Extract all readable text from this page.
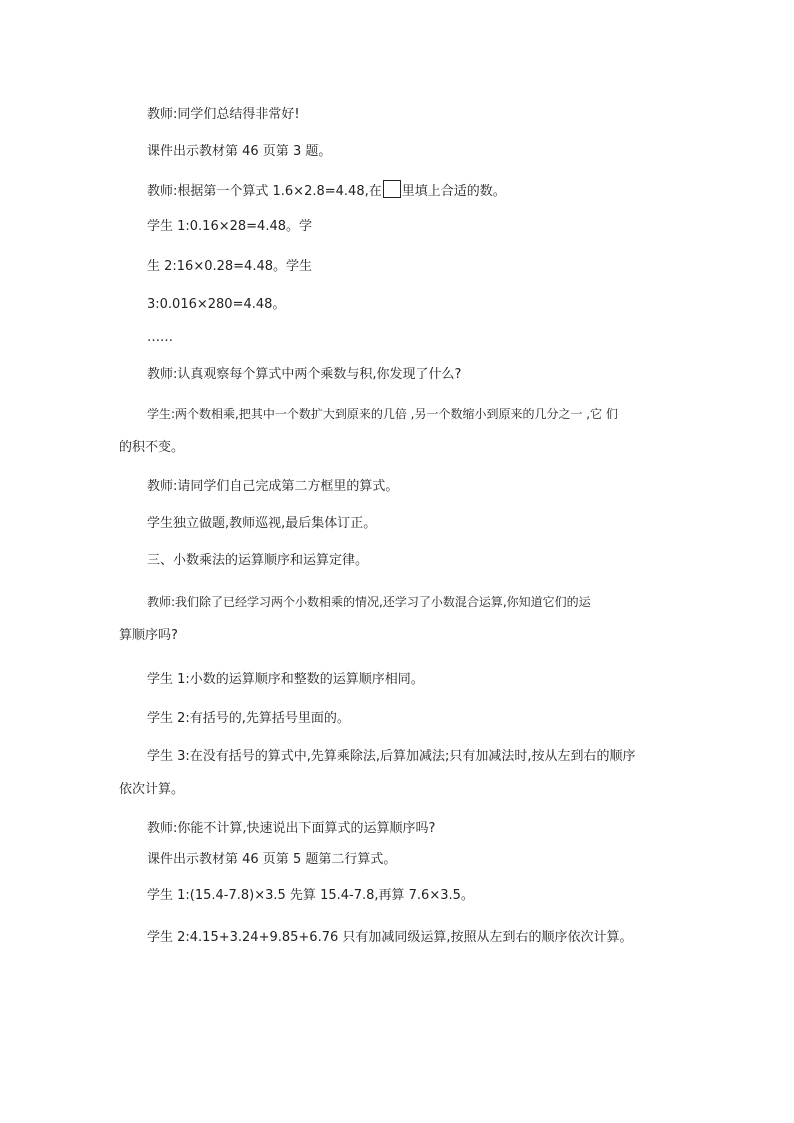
教师:同学们总结得非常好!
课件出示教材第 46 页第 3 题。
教师:根据第一个算式 1.6×2.8=4.48,在 里填上合适的数。
学生 1:0.16×28=4.48。学
生 2:16×0.28=4.48。学生
3:0.016×280=4.48。
……
教师:认真观察每个算式中两个乘数与积,你发现了什么?
学生:两个数相乘,把其中一个数扩大到原来的几倍 ,另一个数缩小到原来的几分之一 ,它 们
的积不变。
教师:请同学们自己完成第二方框里的算式。
学生独立做题,教师巡视,最后集体订正。
三、小数乘法的运算顺序和运算定律。
教师:我们除了已经学习两个小数相乘的情况,还学习了小数混合运算,你知道它们的运
算顺序吗?
学生 1:小数的运算顺序和整数的运算顺序相同。
学生 2:有括号的,先算括号里面的。
学生 3:在没有括号的算式中,先算乘除法,后算加减法;只有加减法时,按从左到右的顺序
依次计算。
教师:你能不计算,快速说出下面算式的运算顺序吗?
课件出示教材第 46 页第 5 题第二行算式。
学生 1:(15.4-7.8)×3.5 先算 15.4-7.8,再算 7.6×3.5。
学生 2:4.15+3.24+9.85+6.76 只有加减同级运算,按照从左到右的顺序依次计算。
